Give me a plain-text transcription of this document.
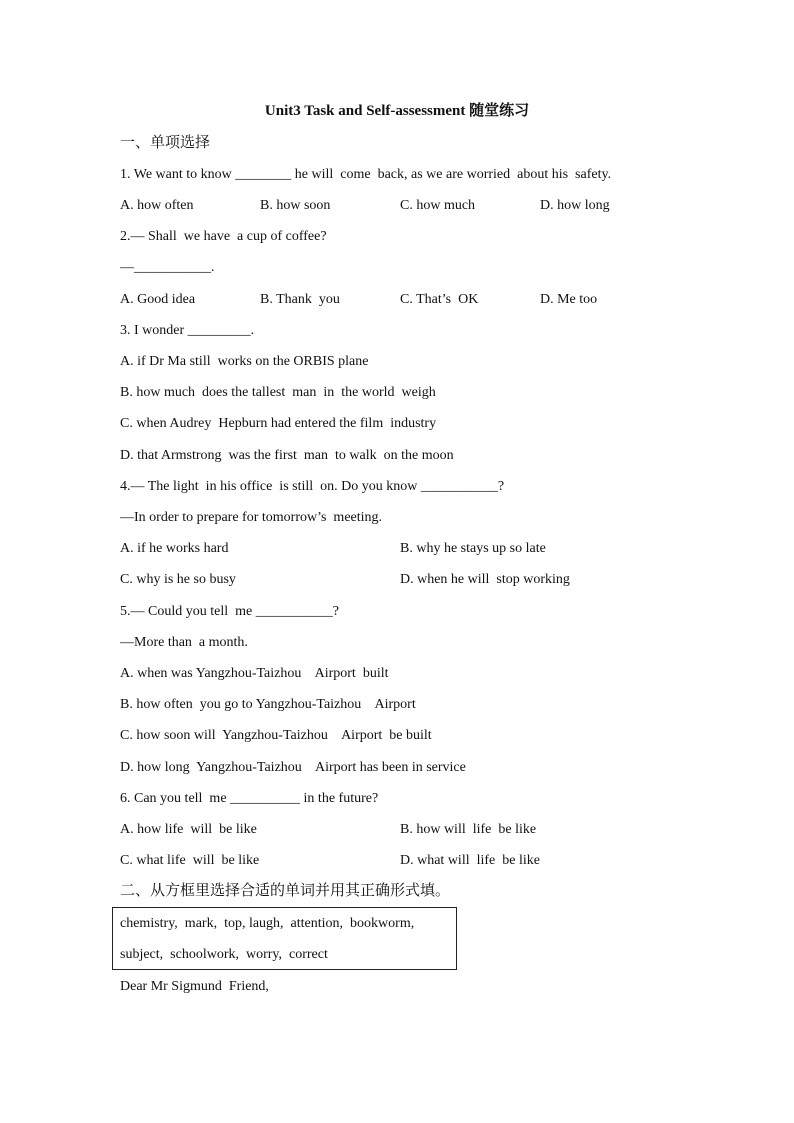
Unit3 Task and Self-assessment 随堂练习
一、单项选择
1. We want to know ________ he will  come  back, as we are worried  about his  safety.
A. how often	B. how soon	C. how much	D. how long
2.— Shall  we have  a cup of coffee?
—___________.
A. Good idea	B. Thank  you	C. That’s  OK	D. Me too
3. I wonder _________.
A. if Dr Ma still  works on the ORBIS plane
B. how much  does the tallest  man  in  the world  weigh
C. when Audrey  Hepburn had entered the film  industry
D. that Armstrong  was the first  man  to walk  on the moon
4.— The light  in his office  is still  on. Do you know ___________?
—In order to prepare for tomorrow’s  meeting.
A. if he works hard	B. why he stays up so late
C. why is he so busy	D. when he will  stop working
5.— Could you tell  me ___________?
—More than  a month.
A. when was Yangzhou-Taizhou    Airport  built
B. how often  you go to Yangzhou-Taizhou    Airport
C. how soon will  Yangzhou-Taizhou    Airport  be built
D. how long  Yangzhou-Taizhou    Airport has been in service
6. Can you tell  me __________ in the future?
A. how life  will  be like	B. how will  life  be like
C. what life  will  be like	D. what will  life  be like
二、从方框里选择合适的单词并用其正确形式填。
chemistry,  mark,  top, laugh,  attention,  bookworm,
subject,  schoolwork,  worry,  correct
Dear Mr Sigmund  Friend,
